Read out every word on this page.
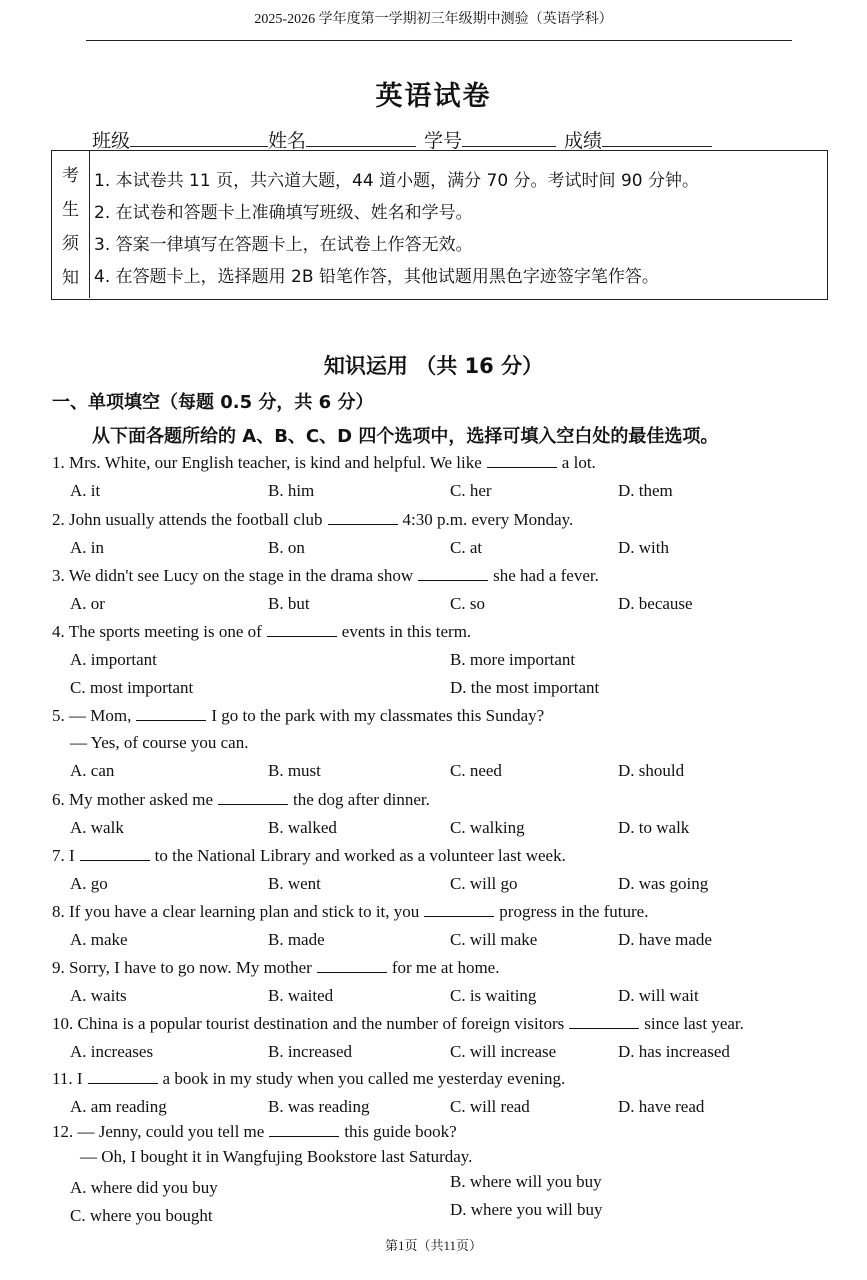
2025-2026 学年度第一学期初三年级期中测验（英语学科）
英语试卷
班级	姓名	学号	成绩
考
生
须
知
1. 本试卷共 11 页，共六道大题，44 道小题，满分 70 分。考试时间 90 分钟。
2. 在试卷和答题卡上准确填写班级、姓名和学号。
3. 答案一律填写在答题卡上，在试卷上作答无效。
4. 在答题卡上，选择题用 2B 铅笔作答，其他试题用黑色字迹签字笔作答。
知识运用 （共 16 分）
一、单项填空（每题 0.5 分，共 6 分）
从下面各题所给的 A、B、C、D 四个选项中，选择可填入空白处的最佳选项。
1. Mrs. White, our English teacher, is kind and helpful. We like	a lot.
A. it	B. him	C. her	D. them
2. John usually attends the football club	4:30 p.m. every Monday.
A. in	B. on	C. at	D. with
3. We didn't see Lucy on the stage in the drama show	she had a fever.
A. or	B. but	C. so	D. because
4. The sports meeting is one of	events in this term.
A. important	B. more important
C. most important	D. the most important
5. — Mom,	I go to the park with my classmates this Sunday?
— Yes, of course you can.
A. can	B. must	C. need	D. should
6. My mother asked me	the dog after dinner.
A. walk	B. walked	C. walking	D. to walk
7. I	to the National Library and worked as a volunteer last week.
A. go	B. went	C. will go	D. was going
8. If you have a clear learning plan and stick to it, you	progress in the future.
A. make	B. made	C. will make	D. have made
9. Sorry, I have to go now. My mother	for me at home.
A. waits	B. waited	C. is waiting	D. will wait
10. China is a popular tourist destination and the number of foreign visitors	since last year.
A. increases	B. increased	C. will increase	D. has increased
11. I	a book in my study when you called me yesterday evening.
A. am reading	B. was reading	C. will read	D. have read
12. — Jenny, could you tell me	this guide book?
— Oh, I bought it in Wangfujing Bookstore last Saturday.
A. where did you buy	B. where will you buy
C. where you bought	D. where you will buy
第1页（共11页）
